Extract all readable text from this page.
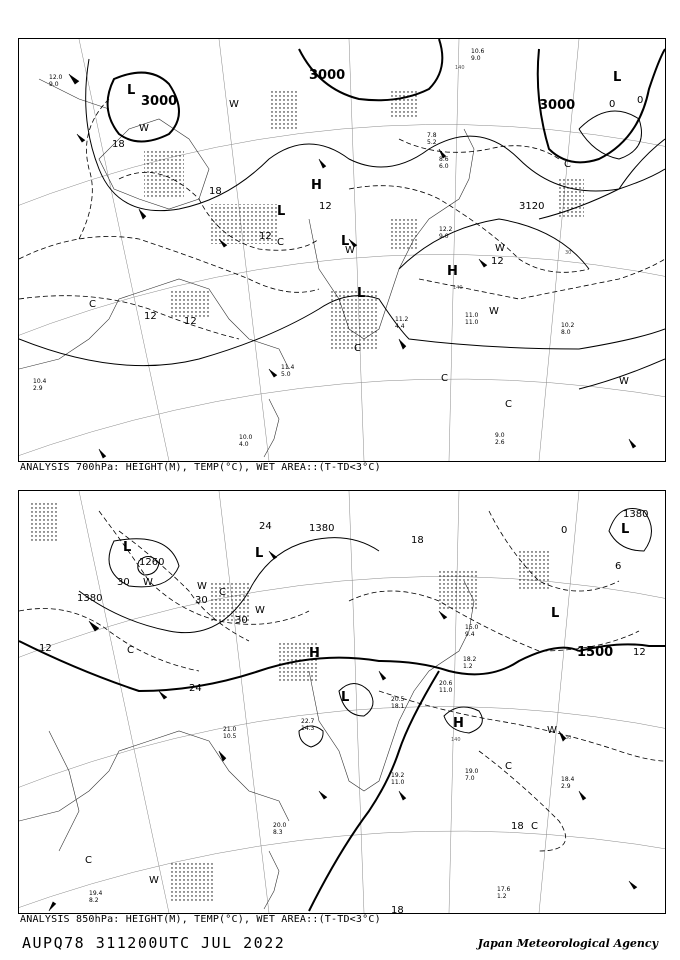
3000
3000
3000
3120
18
18
12
12	12
12
12
0 0
L
L
L
L
L
H
H
W
W
W
W
C
C
C
C
C
C
W
W
140
140
30
12.0
9.0
11.4
5.0
10.0
4.0
9.0
2.6
10.2
8.0
11.0
11.0
10.6
9.0
8.6
6.0
7.8
5.2
12.2
9.0
11.2
4.4
10.4
2.9
ANALYSIS 700hPa: HEIGHT(M), TEMP(°C), WET AREA::(T-TD<3°C)
1260
1380
1380
1380
1500
30
30
30
24
24
18
18
18
12	12
6
0
L	L
L
L
L
H
H
W	W
W
W
W
C
C
C
C
C
140	30
20.5
18.1
19.2
11.0
20.0
8.3
19.0
7.0
17.6
1.2
18.4
2.9
22.7
14.3
21.0
10.5
15.0
9.4
19.4
8.2
20.6
11.0
18.2
1.2
ANALYSIS 850hPa: HEIGHT(M), TEMP(°C), WET AREA::(T-TD<3°C)
AUPQ78 311200UTC JUL 2022	Japan Meteorological Agency
